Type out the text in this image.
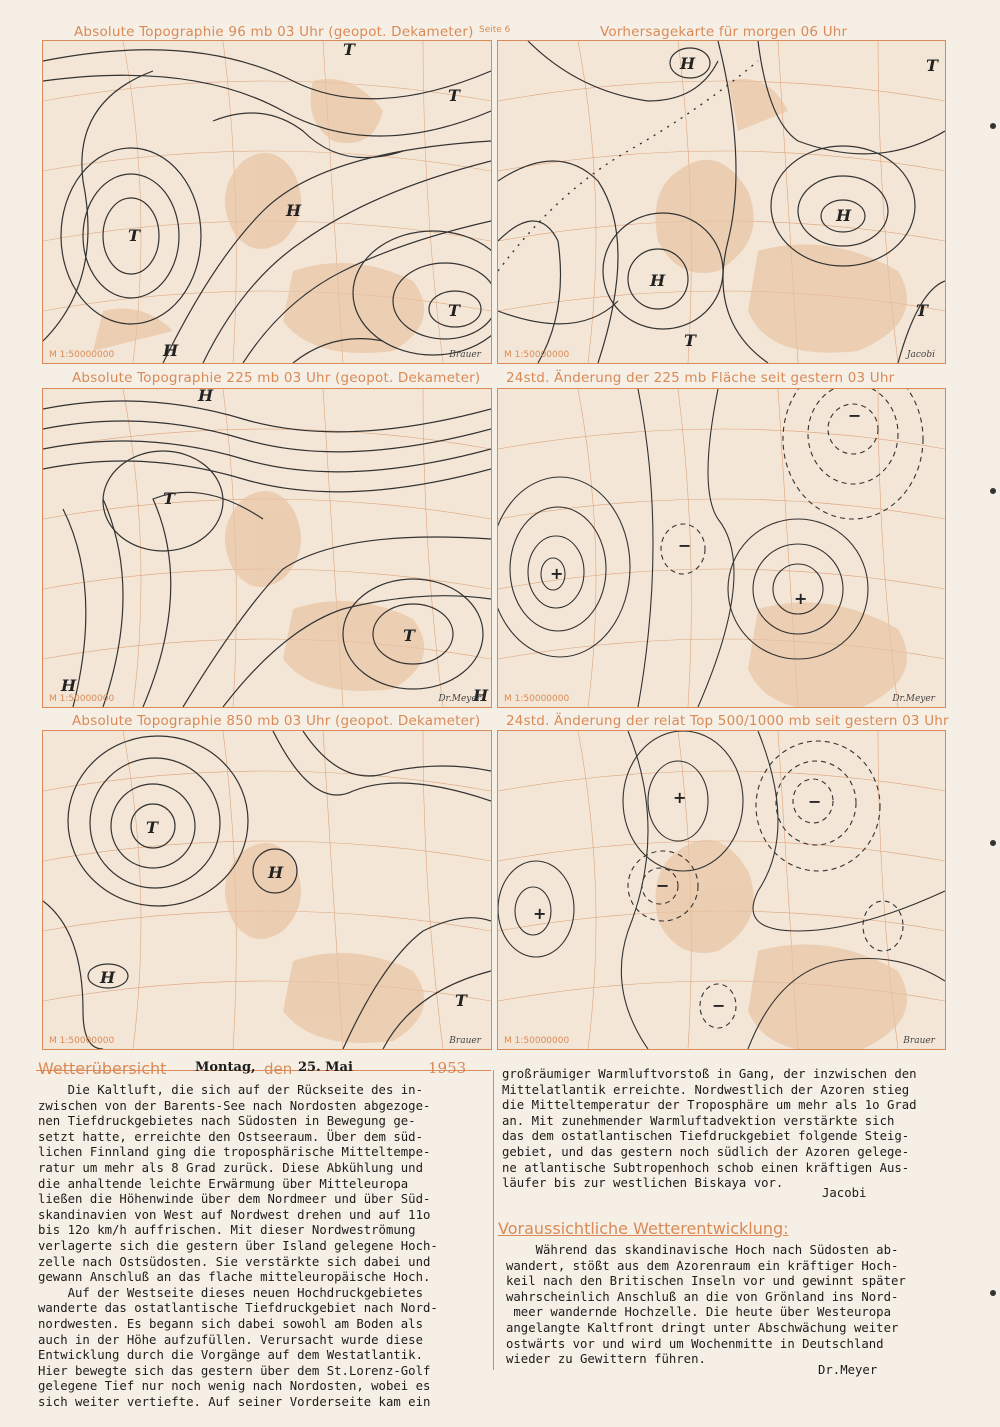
Seite 6
Absolute Topographie 96 mb 03 Uhr (geopot. Dekameter)	Vorhersagekarte für morgen 06 Uhr
Absolute Topographie 225 mb 03 Uhr (geopot. Dekameter) 24std. Änderung der 225 mb Fläche seit gestern 03 Uhr
Absolute Topographie 850 mb 03 Uhr (geopot. Dekameter) 24std. Änderung der relat Top 500/1000 mb seit gestern 03 Uhr
T
H
T
T
H
T
M 1:50000000	Brauer
H
H
H
T
T
T
M 1:50000000	Jacobi
H
T
T
H
H
M 1:50000000	Dr.Meyer
+
+
−
−
M 1:50000000	Dr.Meyer
T
H
H
T
M 1:50000000	Brauer
+
+	−
−
−
M 1:50000000	Brauer
Wetterübersicht Montag, den 25. Mai	1953
Die Kaltluft, die sich auf der Rückseite des in-
zwischen von der Barents-See nach Nordosten abgezoge-
nen Tiefdruckgebietes nach Südosten in Bewegung ge-
setzt hatte, erreichte den Ostseeraum. Über dem süd-
lichen Finnland ging die troposphärische Mitteltempe-
ratur um mehr als 8 Grad zurück. Diese Abkühlung und
die anhaltende leichte Erwärmung über Mitteleuropa
ließen die Höhenwinde über dem Nordmeer und über Süd-
skandinavien von West auf Nordwest drehen und auf 11o
bis 12o km/h auffrischen. Mit dieser Nordweströmung
verlagerte sich die gestern über Island gelegene Hoch-
zelle nach Ostsüdosten. Sie verstärkte sich dabei und
gewann Anschluß an das flache mitteleuropäische Hoch.
Auf der Westseite dieses neuen Hochdruckgebietes
wanderte das ostatlantische Tiefdruckgebiet nach Nord-
nordwesten. Es begann sich dabei sowohl am Boden als
auch in der Höhe aufzufüllen. Verursacht wurde diese
Entwicklung durch die Vorgänge auf dem Westatlantik.
Hier bewegte sich das gestern über dem St.Lorenz-Golf
gelegene Tief nur noch wenig nach Nordosten, wobei es
sich weiter vertiefte. Auf seiner Vorderseite kam ein
großräumiger Warmluftvorstoß in Gang, der inzwischen den
Mittelatlantik erreichte. Nordwestlich der Azoren stieg
die Mitteltemperatur der Troposphäre um mehr als 1o Grad
an. Mit zunehmender Warmluftadvektion verstärkte sich
das dem ostatlantischen Tiefdruckgebiet folgende Steig-
gebiet, und das gestern noch südlich der Azoren gelege-
ne atlantische Subtropenhoch schob einen kräftigen Aus-
läufer bis zur westlichen Biskaya vor.
Jacobi
Voraussichtliche Wetterentwicklung:
Während das skandinavische Hoch nach Südosten ab-
wandert, stößt aus dem Azorenraum ein kräftiger Hoch-
keil nach den Britischen Inseln vor und gewinnt später
wahrscheinlich Anschluß an die von Grönland ins Nord-
meer wandernde Hochzelle. Die heute über Westeuropa
angelangte Kaltfront dringt unter Abschwächung weiter
ostwärts vor und wird um Wochenmitte in Deutschland
wieder zu Gewittern führen.
Dr.Meyer
